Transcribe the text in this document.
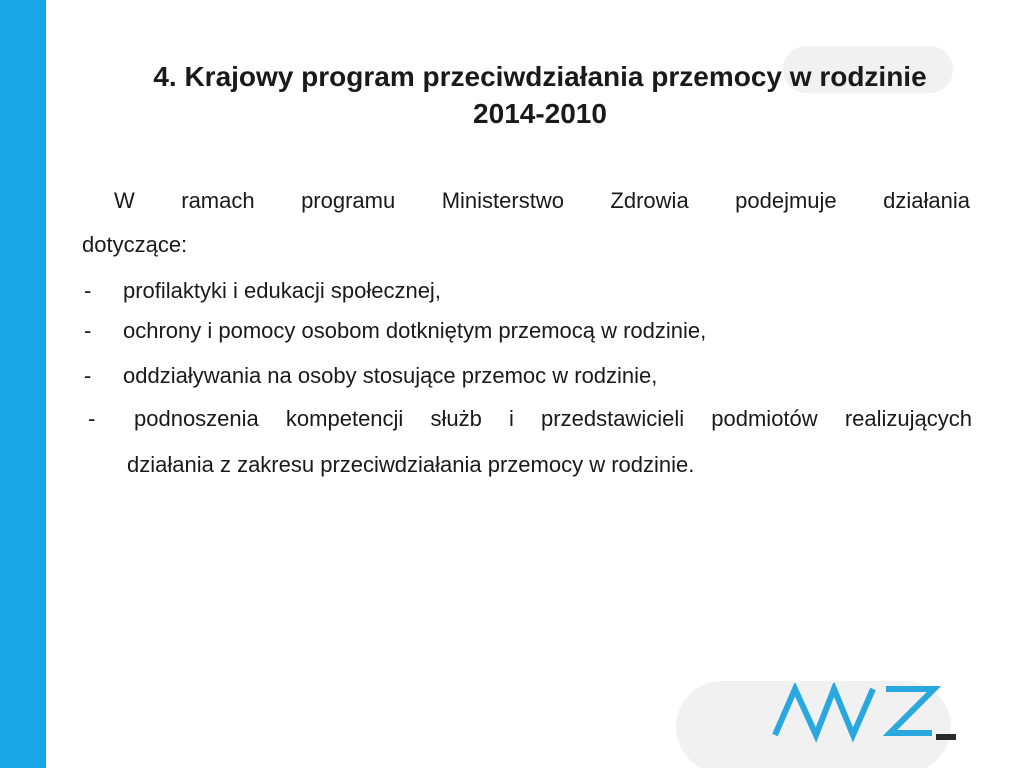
4. Krajowy program przeciwdziałania przemocy w rodzinie 2014-2010

W ramach programu Ministerstwo Zdrowia podejmuje działania

dotyczące:

- profilaktyki i edukacji społecznej,
- ochrony i pomocy osobom dotkniętym przemocą w rodzinie,
- oddziaływania na osoby stosujące przemoc w rodzinie,
- podnoszenia kompetencji służb i przedstawicieli podmiotów realizujących
działania z zakresu przeciwdziałania przemocy w rodzinie.
